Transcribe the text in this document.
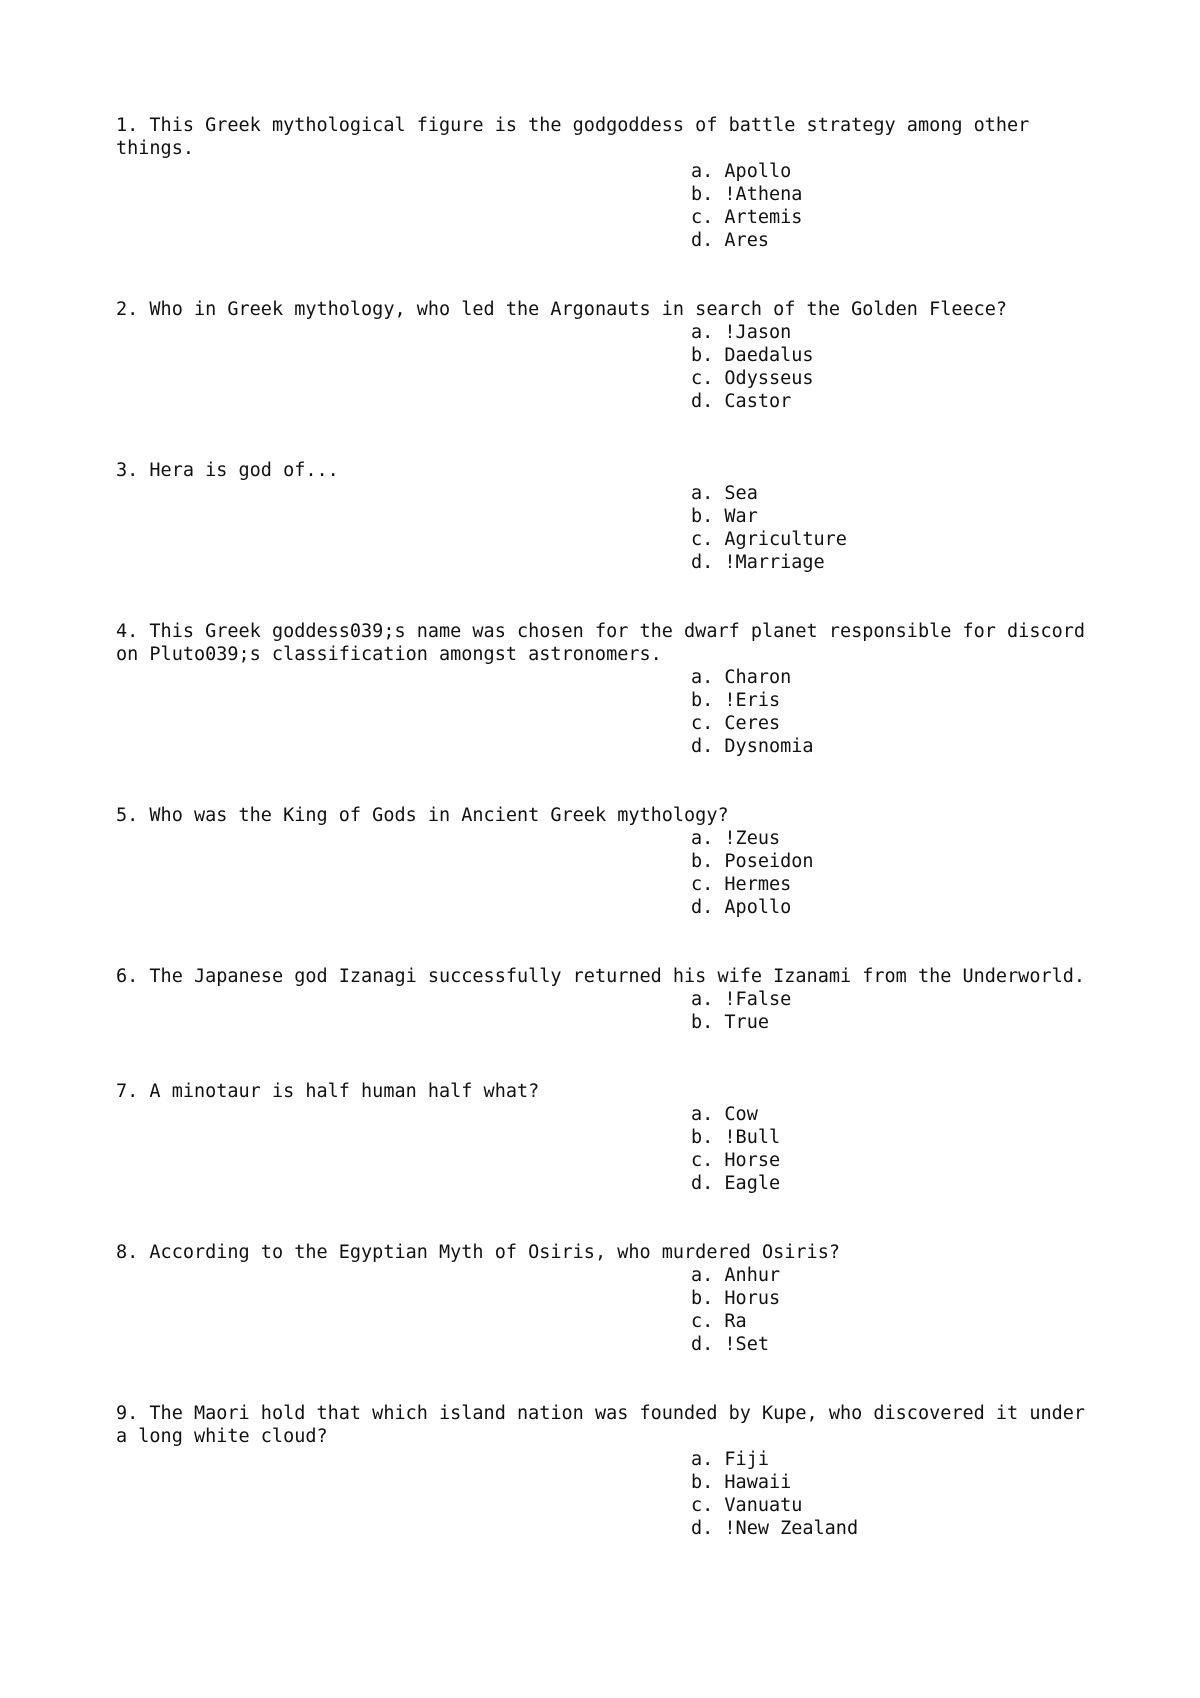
1. This Greek mythological figure is the godgoddess of battle strategy among other things.

a. Apollo
b. !Athena
c. Artemis
d. Ares

2. Who in Greek mythology, who led the Argonauts in search of the Golden Fleece?

a. !Jason
b. Daedalus
c. Odysseus
d. Castor

3. Hera is god of...

a. Sea
b. War
c. Agriculture
d. !Marriage

4. This Greek goddess039;s name was chosen for the dwarf planet responsible for discord on Pluto039;s classification amongst astronomers.

a. Charon
b. !Eris
c. Ceres
d. Dysnomia

5. Who was the King of Gods in Ancient Greek mythology?

a. !Zeus
b. Poseidon
c. Hermes
d. Apollo

6. The Japanese god Izanagi successfully returned his wife Izanami from the Underworld.

a. !False
b. True

7. A minotaur is half human half what?

a. Cow
b. !Bull
c. Horse
d. Eagle

8. According to the Egyptian Myth of Osiris, who murdered Osiris?

a. Anhur
b. Horus
c. Ra
d. !Set

9. The Maori hold that which island nation was founded by Kupe, who discovered it under a long white cloud?

a. Fiji
b. Hawaii
c. Vanuatu
d. !New Zealand
